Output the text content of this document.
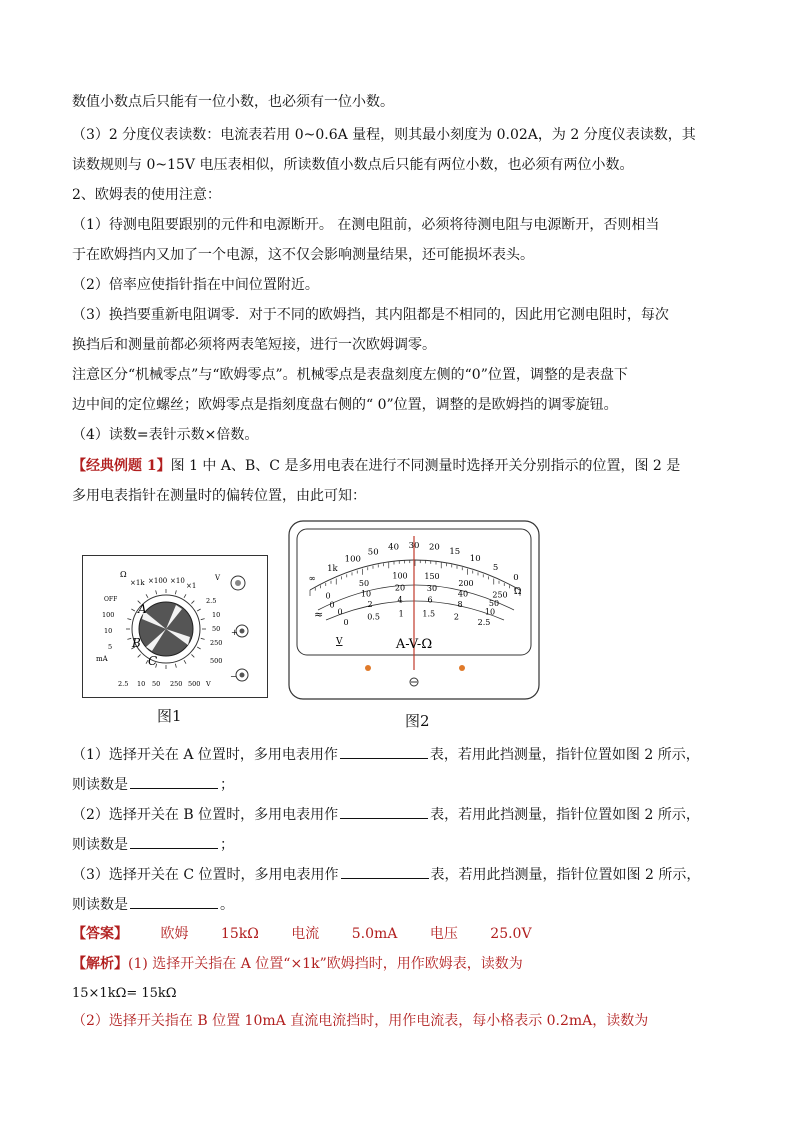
数值小数点后只能有一位小数，也必须有一位小数。
（3）2 分度仪表读数：电流表若用 0~0.6A 量程，则其最小刻度为 0.02A，为 2 分度仪表读数，其
读数规则与 0~15V 电压表相似，所读数值小数点后只能有两位小数，也必须有两位小数。
2、欧姆表的使用注意：
（1）待测电阻要跟别的元件和电源断开。 在测电阻前，必须将待测电阻与电源断开，否则相当
于在欧姆挡内又加了一个电源，这不仅会影响测量结果，还可能损坏表头。
（2）倍率应使指针指在中间位置附近。
（3）换挡要重新电阻调零．对于不同的欧姆挡，其内阻都是不相同的，因此用它测电阻时，每次
换挡后和测量前都必须将两表笔短接，进行一次欧姆调零。
注意区分“机械零点”与“欧姆零点”。机械零点是表盘刻度左侧的“0”位置，调整的是表盘下
边中间的定位螺丝；欧姆零点是指刻度盘右侧的“ 0”位置，调整的是欧姆挡的调零旋钮。
（4）读数=表针示数×倍数。
【经典例题 1】图 1 中 A、B、C 是多用电表在进行不同测量时选择开关分别指示的位置，图 2 是
多用电表指针在测量时的偏转位置，由此可知：
Ω
×1k ×100 ×10
×1
V
OFF
100
10
5
mA
2.5
10
50
250
500
2.5 10 50 250 500 V
A
B
C
+
−
图1
∞
1k
100
50 40 30 20 15
10
5
0
0
50
100 150
200
250
0
10
20	30
40
50
0
2	4	6	8
10
0
0.5 1 1.5 2
2.5
≈
V
Ω
A-V-Ω
图2
（1）选择开关在 A 位置时，多用电表用作	表，若用此挡测量，指针位置如图 2 所示，
则读数是	；
（2）选择开关在 B 位置时，多用电表用作	表，若用此挡测量，指针位置如图 2 所示，
则读数是	；
（3）选择开关在 C 位置时，多用电表用作	表，若用此挡测量，指针位置如图 2 所示，
则读数是	。
【答案】 欧姆 15kΩ 电流 5.0mA 电压 25.0V
【解析】(1) 选择开关指在 A 位置“×1k”欧姆挡时，用作欧姆表，读数为
15×1kΩ= 15kΩ
（2）选择开关指在 B 位置 10mA 直流电流挡时，用作电流表，每小格表示 0.2mA，读数为
